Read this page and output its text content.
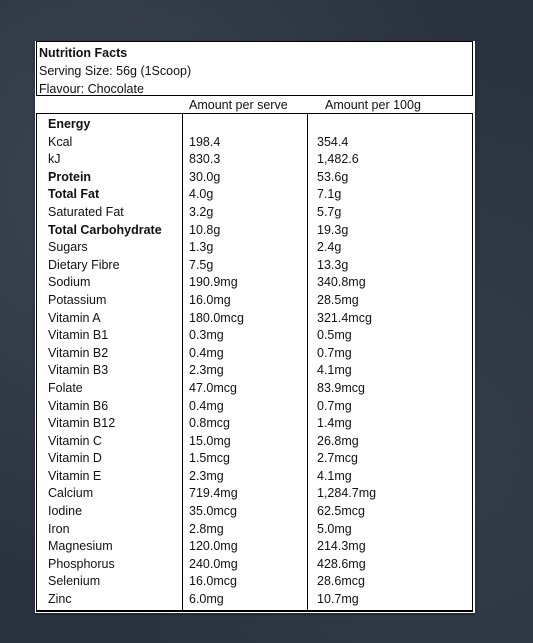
Nutrition Facts
Serving Size: 56g (1Scoop)
Flavour: Chocolate
Amount per serve	Amount per 100g
Energy
Kcal	198.4	354.4
kJ	830.3	1,482.6
Protein	30.0g	53.6g
Total Fat	4.0g	7.1g
Saturated Fat	3.2g	5.7g
Total Carbohydrate 10.8g	19.3g
Sugars	1.3g	2.4g
Dietary Fibre	7.5g	13.3g
Sodium	190.9mg	340.8mg
Potassium	16.0mg	28.5mg
Vitamin A	180.0mcg	321.4mcg
Vitamin B1	0.3mg	0.5mg
Vitamin B2	0.4mg	0.7mg
Vitamin B3	2.3mg	4.1mg
Folate	47.0mcg	83.9mcg
Vitamin B6	0.4mg	0.7mg
Vitamin B12	0.8mcg	1.4mg
Vitamin C	15.0mg	26.8mg
Vitamin D	1.5mcg	2.7mcg
Vitamin E	2.3mg	4.1mg
Calcium	719.4mg	1,284.7mg
Iodine	35.0mcg	62.5mcg
Iron	2.8mg	5.0mg
Magnesium	120.0mg	214.3mg
Phosphorus	240.0mg	428.6mg
Selenium	16.0mcg	28.6mcg
Zinc	6.0mg	10.7mg
